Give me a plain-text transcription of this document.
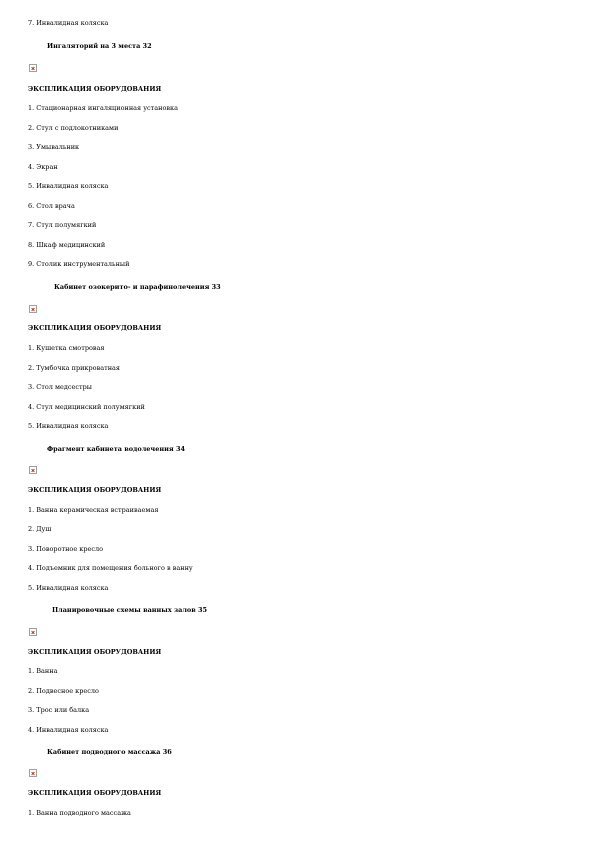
7. Инвалидная коляска
Ингаляторий на 3 места 32
ЭКСПЛИКАЦИЯ ОБОРУДОВАНИЯ
1. Стационарная ингаляционная установка
2. Стул с подлокотниками
3. Умывальник
4. Экран
5. Инвалидная коляска
6. Стол врача
7. Стул полумягкий
8. Шкаф медицинский
9. Столик инструментальный
Кабинет озокерито- и парафинолечения 33
ЭКСПЛИКАЦИЯ ОБОРУДОВАНИЯ
1. Кушетка смотровая
2. Тумбочка прикроватная
3. Стол медсестры
4. Стул медицинский полумягкий
5. Инвалидная коляска
Фрагмент кабинета водолечения 34
ЭКСПЛИКАЦИЯ ОБОРУДОВАНИЯ
1. Ванна керамическая встраиваемая
2. Душ
3. Поворотное кресло
4. Подъемник для помещения больного в ванну
5. Инвалидная коляска
Планировочные схемы ванных залов 35
ЭКСПЛИКАЦИЯ ОБОРУДОВАНИЯ
1. Ванна
2. Подвесное кресло
3. Трос или балка
4. Инвалидная коляска
Кабинет подводного массажа 36
ЭКСПЛИКАЦИЯ ОБОРУДОВАНИЯ
1. Ванна подводного массажа
